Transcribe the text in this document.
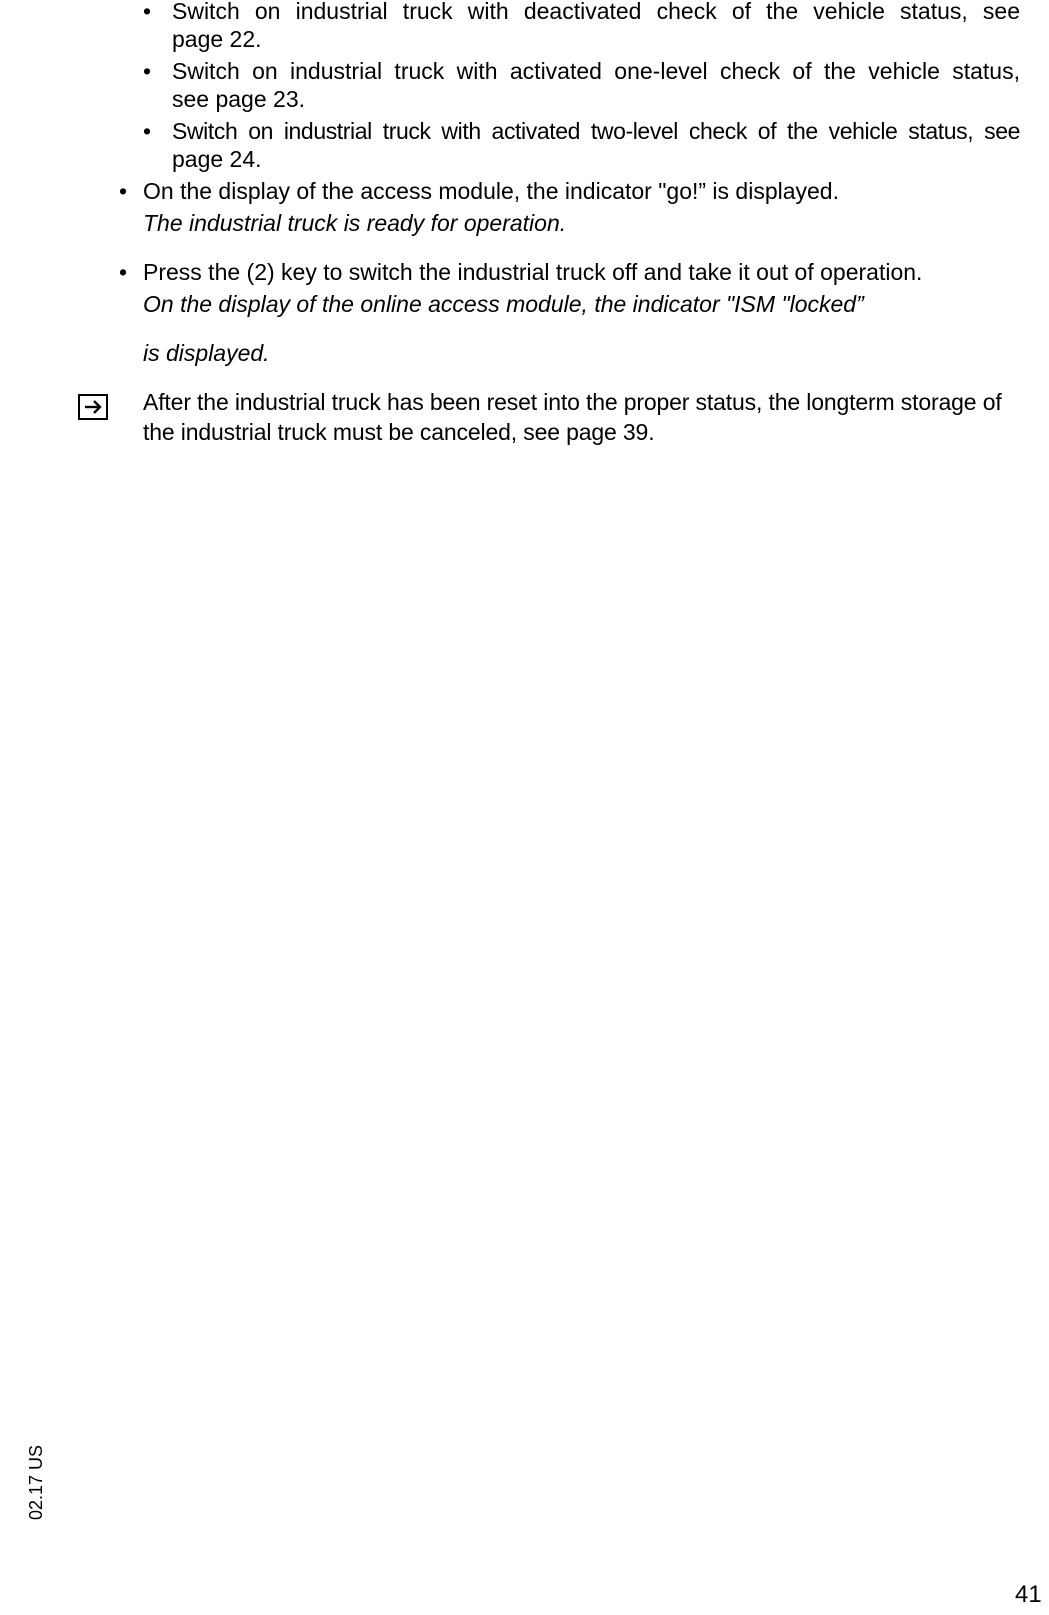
• Switch on industrial truck with deactivated check of the vehicle status, see
page 22.
• Switch on industrial truck with activated one-level check of the vehicle status,
see page 23.
• Switch on industrial truck with activated two-level check of the vehicle status, see
page 24.
• On the display of the access module, the indicator "go!” is displayed.
The industrial truck is ready for operation.
• Press the (2) key to switch the industrial truck off and take it out of operation.
On the display of the online access module, the indicator "ISM "locked”
is displayed.
After the industrial truck has been reset into the proper status, the longterm storage of the industrial truck must be canceled, see page 39.
02.17 US
41
